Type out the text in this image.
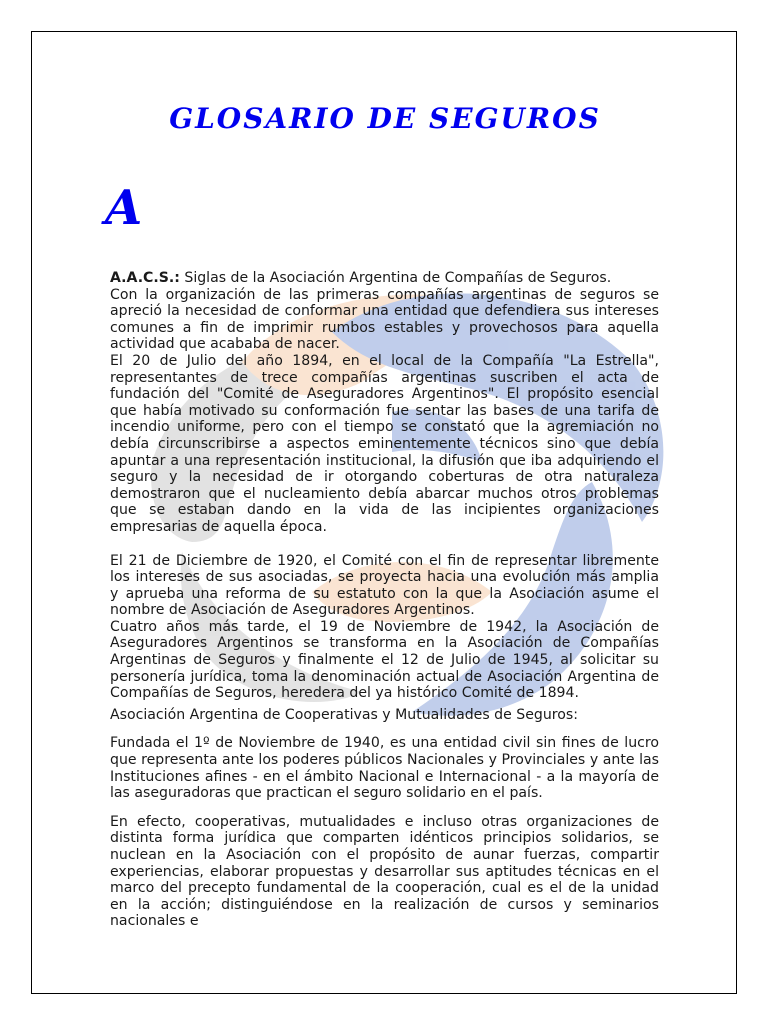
GLOSARIO DE SEGUROS
A

A.A.C.S.: Siglas de la Asociación Argentina de Compañías de Seguros.

Con la organización de las primeras compañías argentinas de seguros se apreció la necesidad de conformar una entidad que defendiera sus intereses comunes a fin de imprimir rumbos estables y provechosos para aquella actividad que acababa de nacer.

El 20 de Julio del año 1894, en el local de la Compañía "La Estrella", representantes de trece compañías argentinas suscriben el acta de fundación del "Comité de Aseguradores Argentinos". El propósito esencial que había motivado su conformación fue sentar las bases de una tarifa de incendio uniforme, pero con el tiempo se constató que la agremiación no debía circunscribirse a aspectos eminentemente técnicos sino que debía apuntar a una representación institucional, la difusión que iba adquiriendo el seguro y la necesidad de ir otorgando coberturas de otra naturaleza demostraron que el nucleamiento debía abarcar muchos otros problemas que se estaban dando en la vida de las incipientes organizaciones empresarias de aquella época.

El 21 de Diciembre de 1920, el Comité con el fin de representar libremente los intereses de sus asociadas, se proyecta hacia una evolución más amplia y aprueba una reforma de su estatuto con la que la Asociación asume el nombre de Asociación de Aseguradores Argentinos.

Cuatro años más tarde, el 19 de Noviembre de 1942, la Asociación de Aseguradores Argentinos se transforma en la Asociación de Compañías Argentinas de Seguros y finalmente el 12 de Julio de 1945, al solicitar su personería jurídica, toma la denominación actual de Asociación Argentina de Compañías de Seguros, heredera del ya histórico Comité de 1894.

Asociación Argentina de Cooperativas y Mutualidades de Seguros:

Fundada el 1º de Noviembre de 1940, es una entidad civil sin fines de lucro que representa ante los poderes públicos Nacionales y Provinciales y ante las Instituciones afines - en el ámbito Nacional e Internacional - a la mayoría de las aseguradoras que practican el seguro solidario en el país.

En efecto, cooperativas, mutualidades e incluso otras organizaciones de distinta forma jurídica que comparten idénticos principios solidarios, se nuclean en la Asociación con el propósito de aunar fuerzas, compartir experiencias, elaborar propuestas y desarrollar sus aptitudes técnicas en el marco del precepto fundamental de la cooperación, cual es el de la unidad en la acción; distinguiéndose en la realización de cursos y seminarios nacionales e
